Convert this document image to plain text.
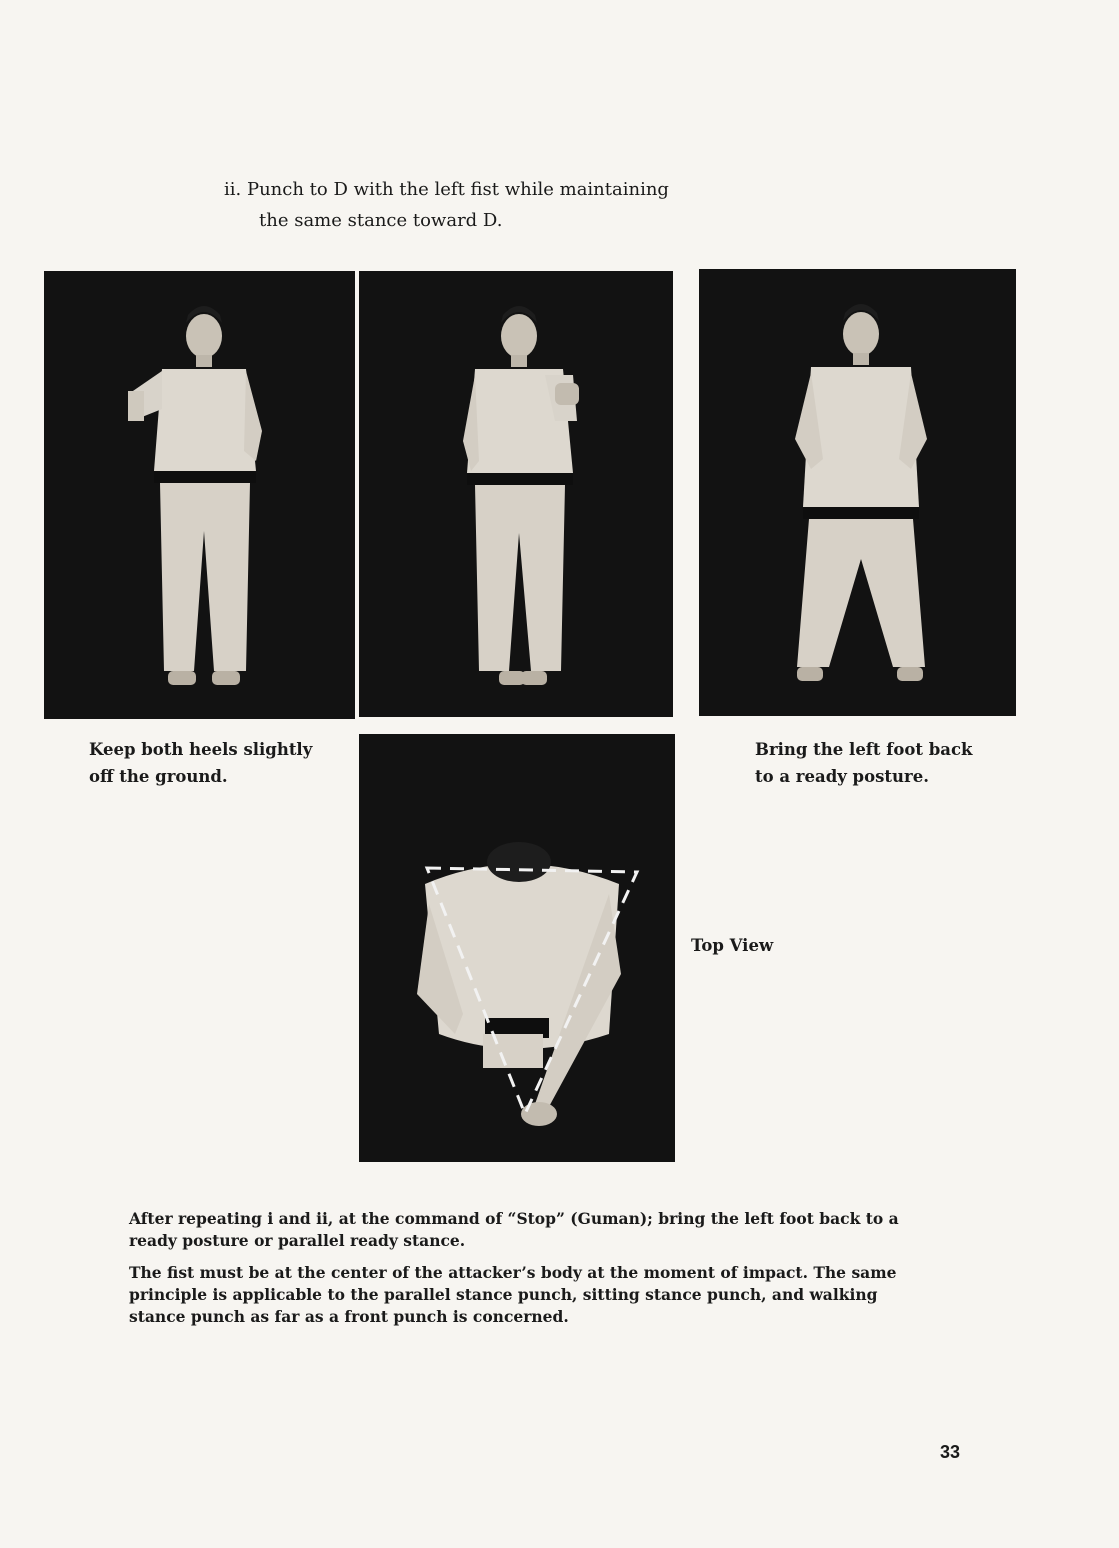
ii. Punch to D with the left fist while maintaining
the same stance toward D.
Keep both heels slightly
off the ground.
Bring the left foot back
to a ready posture.
Top View
After repeating i and ii, at the command of “Stop” (Guman); bring the left foot back to a ready posture or parallel ready stance.
The fist must be at the center of the attacker’s body at the moment of impact. The same principle is applicable to the parallel stance punch, sitting stance punch, and walking stance punch as far as a front punch is concerned.
33
